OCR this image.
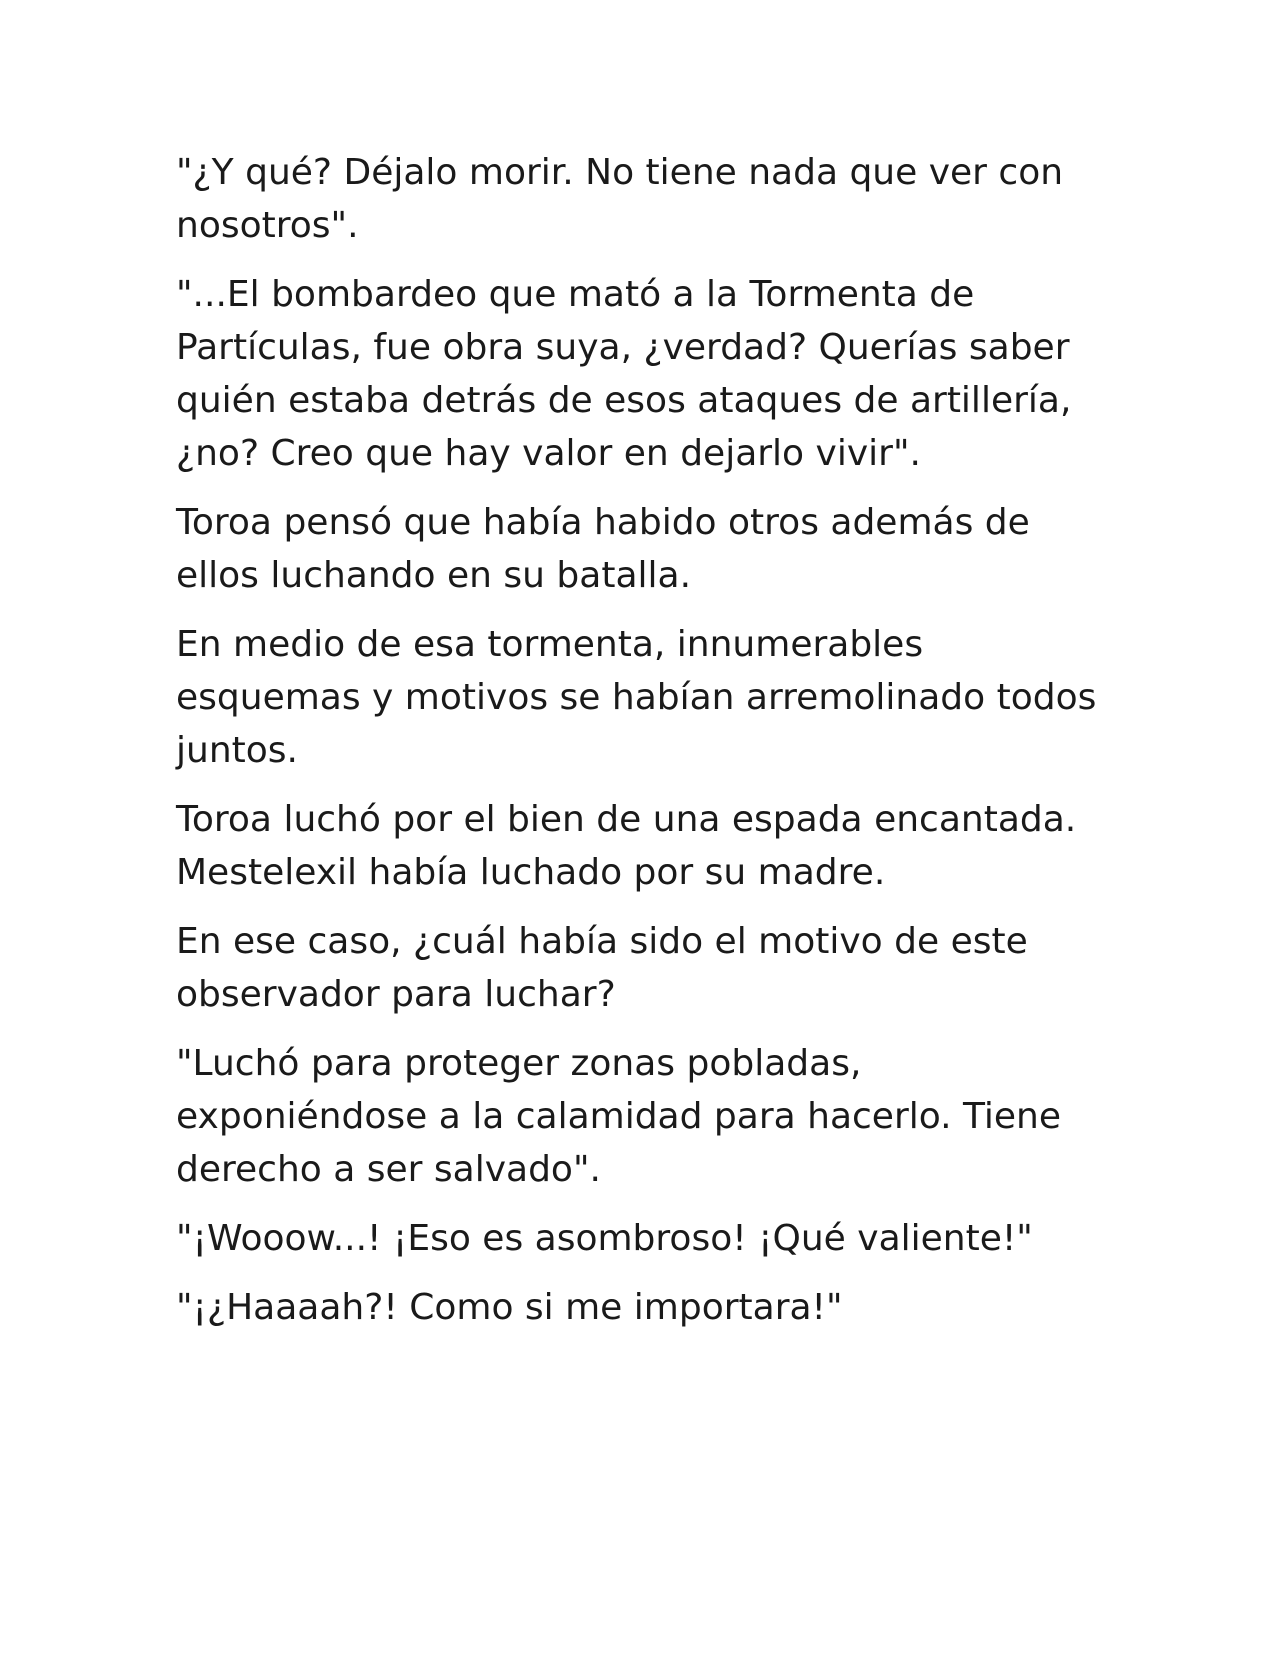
"¿Y qué? Déjalo morir. No tiene nada que ver con nosotros".

"...El bombardeo que mató a la Tormenta de Partículas, fue obra suya, ¿verdad? Querías saber quién estaba detrás de esos ataques de artillería, ¿no? Creo que hay valor en dejarlo vivir".

Toroa pensó que había habido otros además de ellos luchando en su batalla.

En medio de esa tormenta, innumerables esquemas y motivos se habían arremolinado todos juntos.

Toroa luchó por el bien de una espada encantada. Mestelexil había luchado por su madre.

En ese caso, ¿cuál había sido el motivo de este observador para luchar?

"Luchó para proteger zonas pobladas, exponiéndose a la calamidad para hacerlo. Tiene derecho a ser salvado".

"¡Wooow...! ¡Eso es asombroso! ¡Qué valiente!"

"¡¿Haaaah?! Como si me importara!"
